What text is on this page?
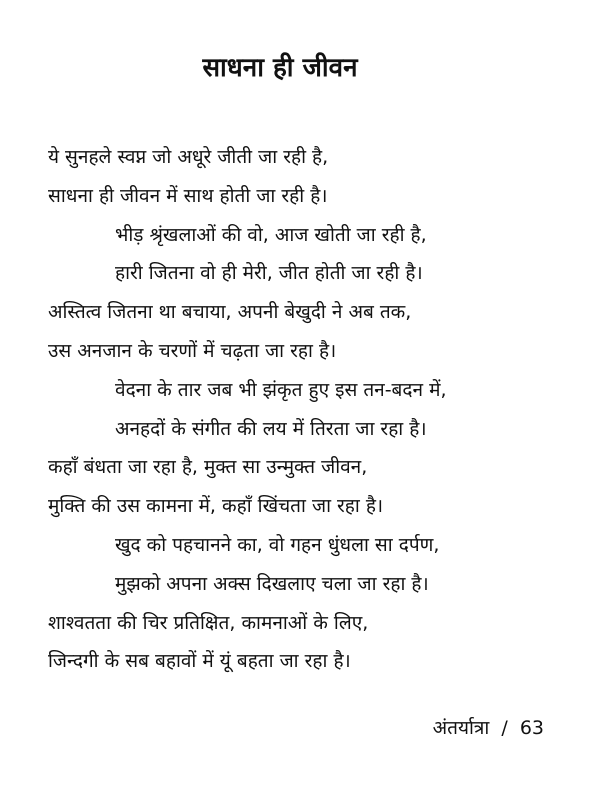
साधना ही जीवन
ये सुनहले स्वप्न जो अधूरे जीती जा रही है,
साधना ही जीवन में साथ होती जा रही है।
भीड़ श्रृंखलाओं की वो, आज खोती जा रही है,
हारी जितना वो ही मेरी, जीत होती जा रही है।
अस्तित्व जितना था बचाया, अपनी बेखुदी ने अब तक,
उस अनजान के चरणों में चढ़ता जा रहा है।
वेदना के तार जब भी झंकृत हुए इस तन-बदन में,
अनहदों के संगीत की लय में तिरता जा रहा है।
कहाँ बंधता जा रहा है, मुक्त सा उन्मुक्त जीवन,
मुक्ति की उस कामना में, कहाँ खिंचता जा रहा है।
खुद को पहचानने का, वो गहन धुंधला सा दर्पण,
मुझको अपना अक्स दिखलाए चला जा रहा है।
शाश्वतता की चिर प्रतिक्षित, कामनाओं के लिए,
जिन्दगी के सब बहावों में यूं बहता जा रहा है।
अंतर्यात्रा / 63
